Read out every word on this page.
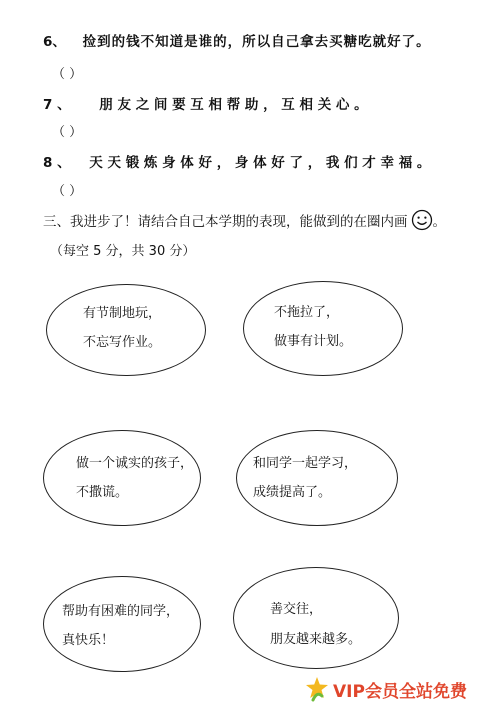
6、 捡到的钱不知道是谁的，所以自己拿去买糖吃就好了。
（ ）
7 、 朋 友 之 间 要 互 相 帮 助 ， 互 相 关 心 。
（ ）
8 、 天 天 锻 炼 身 体 好 ， 身 体 好 了 ， 我 们 才 幸 福 。
（ ）
三、我进步了！请结合自己本学期的表现，能做到的在圈内画 。
（每空 5 分，共 30 分）
有节制地玩，
不忘写作业。
不拖拉了，
做事有计划。
做一个诚实的孩子，
不撒谎。
和同学一起学习，
成绩提高了。
帮助有困难的同学，
真快乐！
善交往，
朋友越来越多。
VIP会员全站免费
